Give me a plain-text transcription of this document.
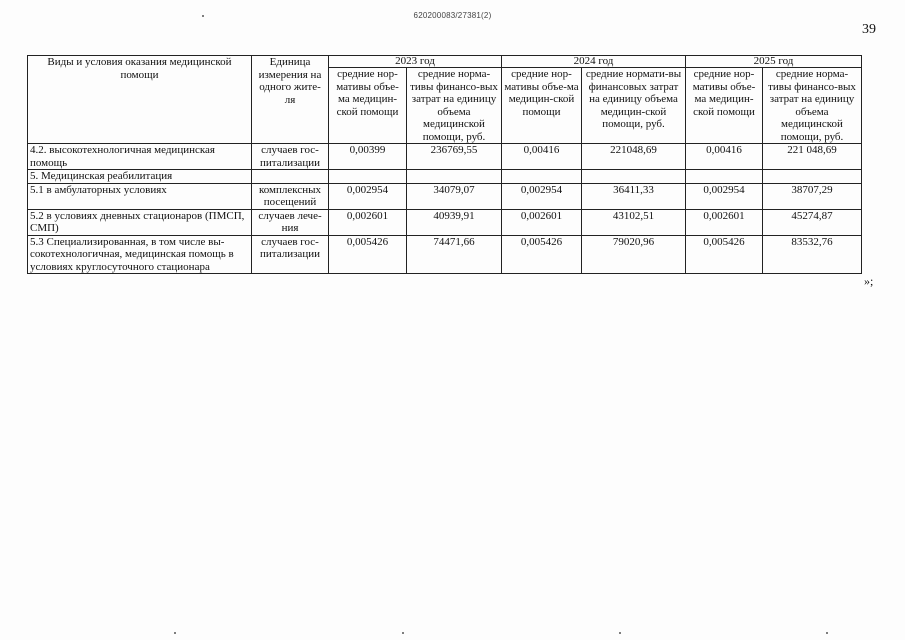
620200083/27381(2)
39
Виды и условия оказания медицинской помощи	Единица измерения на одного жите-ля	2023 год		2024 год		2025 год	
		средние нор-мативы объе-ма медицин-ской помощи	средние норма-тивы финансо-вых затрат на единицу объема медицинской помощи, руб.	средние нор-мативы объе-ма медицин-ской помощи	средние нормати-вы финансовых затрат на единицу объема медицин-ской помощи, руб.	средние нор-мативы объе-ма медицин-ской помощи	средние норма-тивы финансо-вых затрат на единицу объема медицинской помощи, руб.
4.2. высокотехнологичная медицинская помощь	случаев гос-питализации	0,00399	236769,55	0,00416	221048,69	0,00416	221 048,69
5. Медицинская реабилитация							
5.1 в амбулаторных условиях	комплексных посещений	0,002954	34079,07	0,002954	36411,33	0,002954	38707,29
5.2 в условиях дневных стационаров (ПМСП, СМП)	случаев лече-ния	0,002601	40939,91	0,002601	43102,51	0,002601	45274,87
5.3 Специализированная, в том числе вы-сокотехнологичная, медицинская помощь в условиях круглосуточного стационара	случаев гос-питализации	0,005426	74471,66	0,005426	79020,96	0,005426	83532,76
»;
